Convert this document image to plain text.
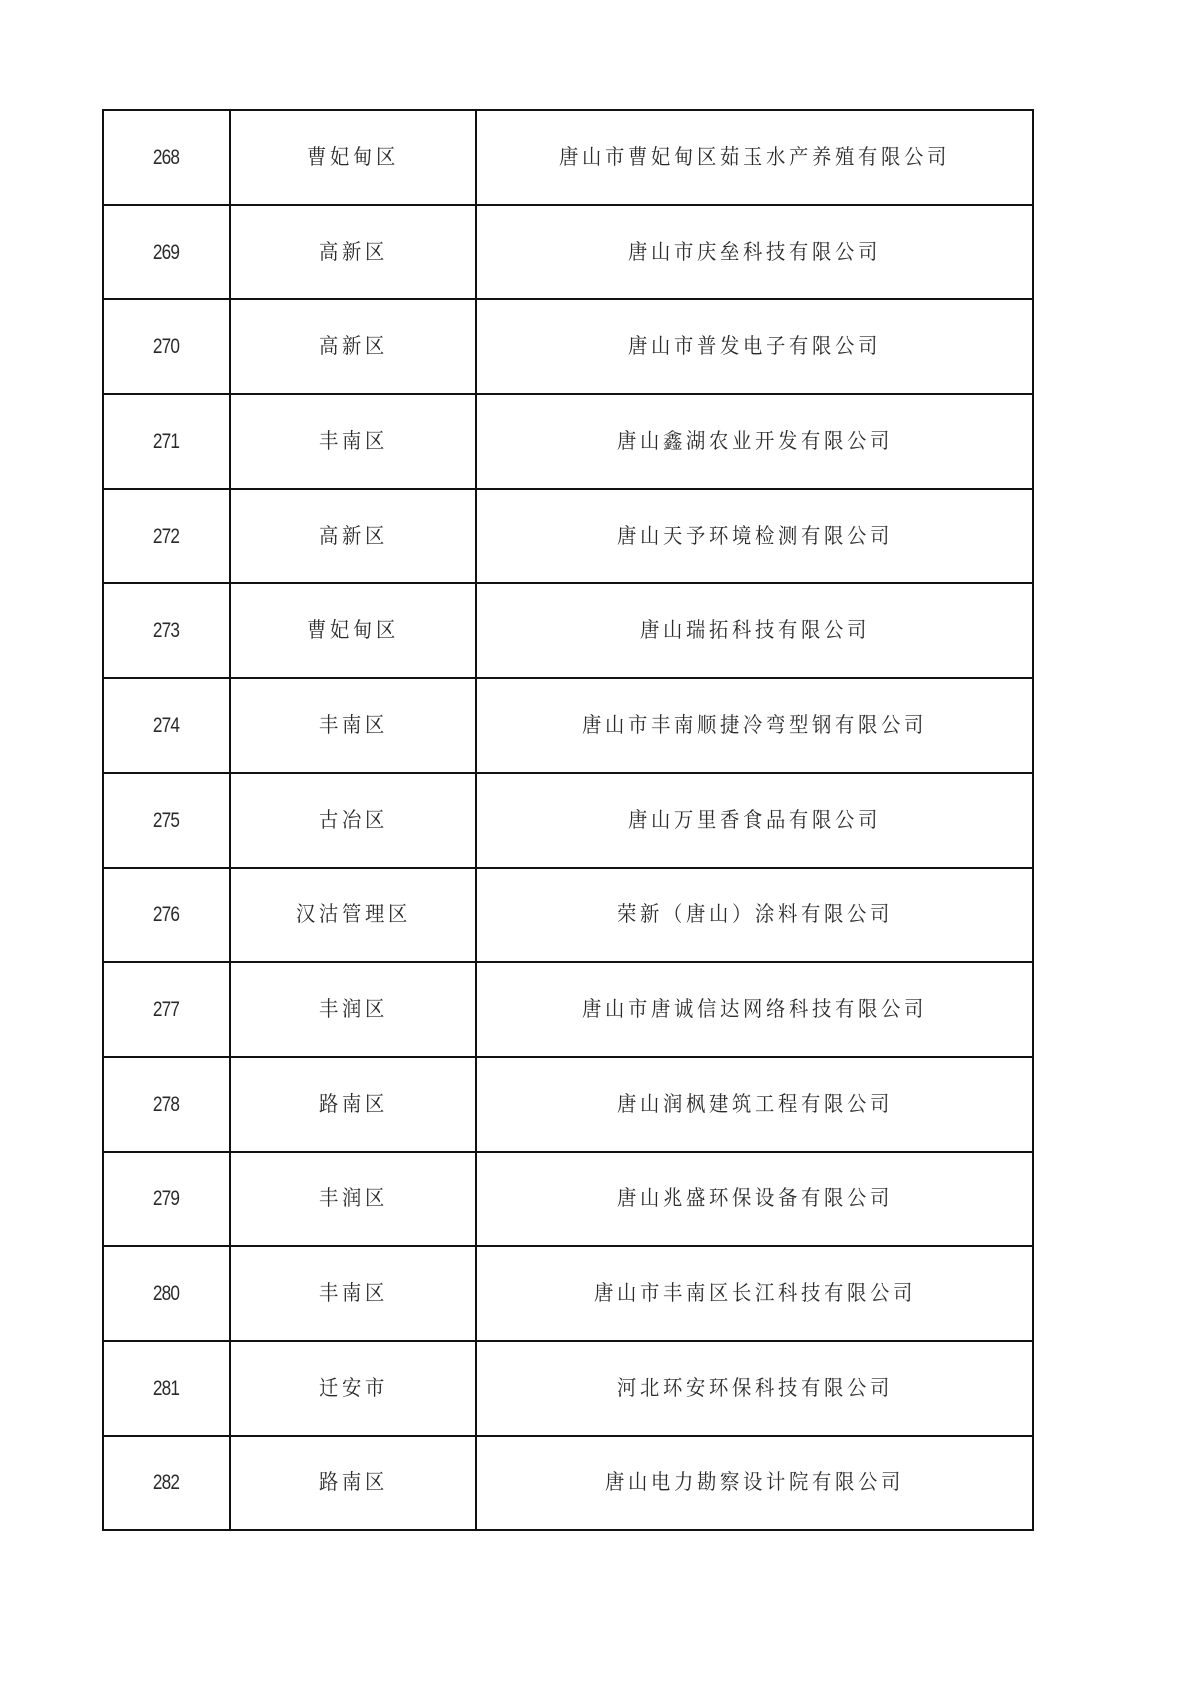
268	曹妃甸区	唐山市曹妃甸区茹玉水产养殖有限公司
269	高新区	唐山市庆垒科技有限公司
270	高新区	唐山市普发电子有限公司
271	丰南区	唐山鑫湖农业开发有限公司
272	高新区	唐山天予环境检测有限公司
273	曹妃甸区	唐山瑞拓科技有限公司
274	丰南区	唐山市丰南顺捷冷弯型钢有限公司
275	古冶区	唐山万里香食品有限公司
276	汉沽管理区	荣新（唐山）涂料有限公司
277	丰润区	唐山市唐诚信达网络科技有限公司
278	路南区	唐山润枫建筑工程有限公司
279	丰润区	唐山兆盛环保设备有限公司
280	丰南区	唐山市丰南区长江科技有限公司
281	迁安市	河北环安环保科技有限公司
282	路南区	唐山电力勘察设计院有限公司
